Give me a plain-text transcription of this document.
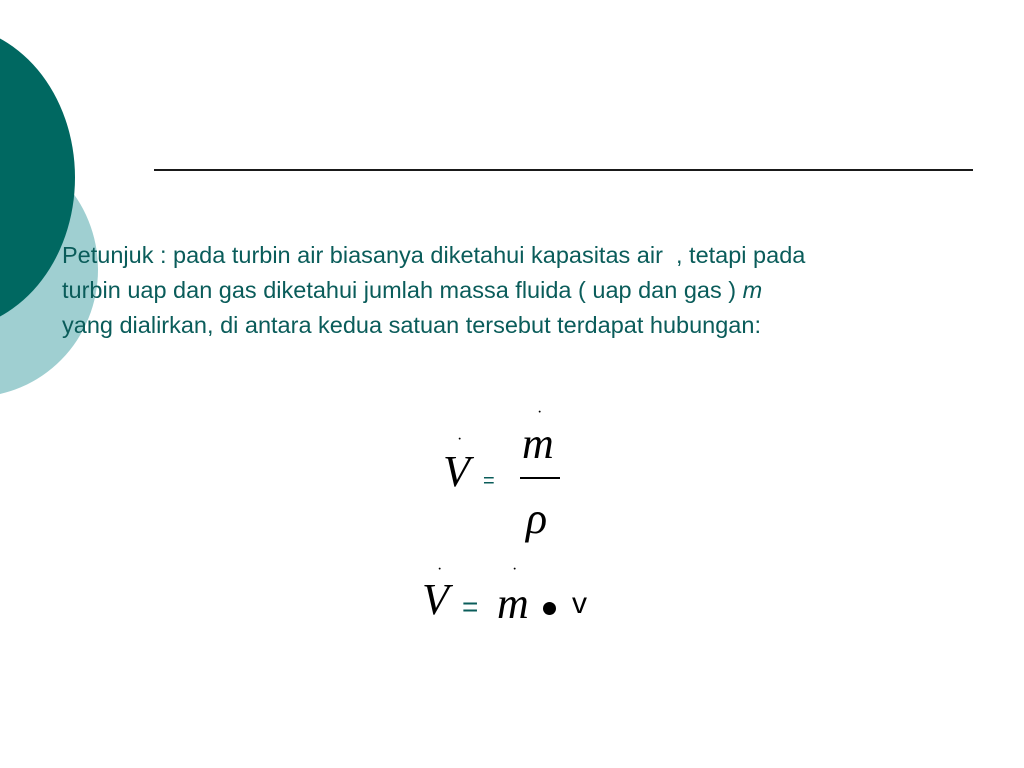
Petunjuk : pada turbin air biasanya diketahui kapasitas air  , tetapi pada
turbin uap dan gas diketahui jumlah massa fluida ( uap dan gas ) m
yang dialirkan, di antara kedua satuan tersebut terdapat hubungan:

·
V =
·
m
ρ
·
V =
·
m v
